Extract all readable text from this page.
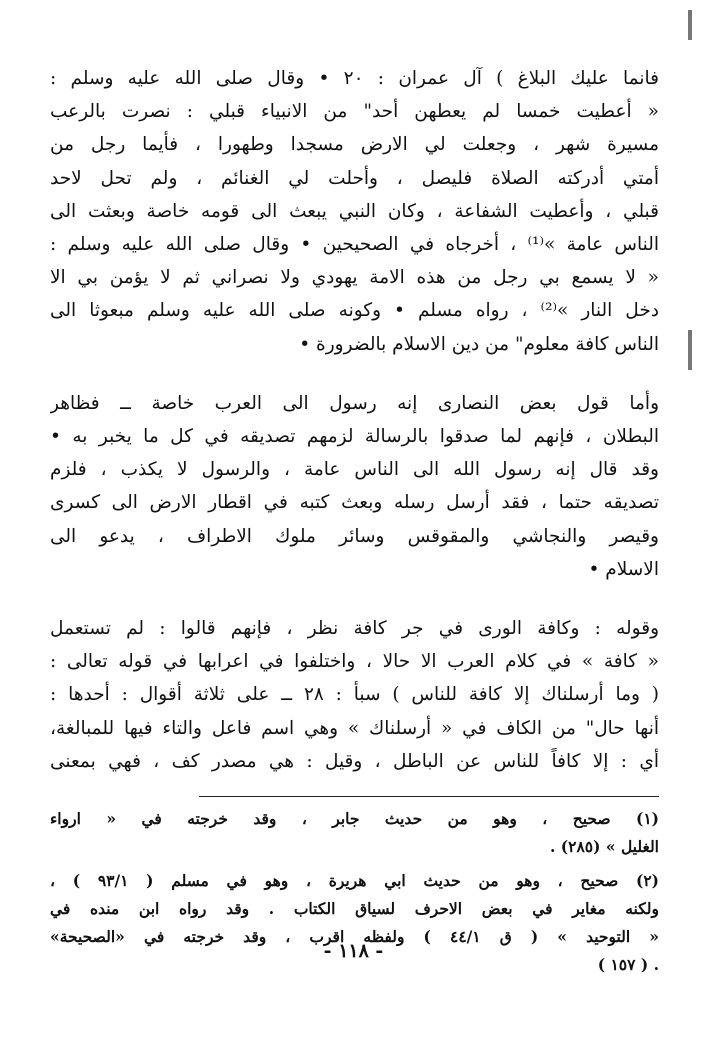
فانما عليك البلاغ ) آل عمران : ٢٠ • وقال صلى الله عليه وسلم :
« أعطيت خمسا لم يعطهن أحد" من الانبياء قبلي : نصرت بالرعب
مسيرة شهر ، وجعلت لي الارض مسجدا وطهورا ، فأيما رجل من
أمتي أدركته الصلاة فليصل ، وأحلت لي الغنائم ، ولم تحل لاحد
قبلي ، وأعطيت الشفاعة ، وكان النبي يبعث الى قومه خاصة وبعثت الى
الناس عامة »⁽¹⁾ ، أخرجاه في الصحيحين • وقال صلى الله عليه وسلم :
« لا يسمع بي رجل من هذه الامة يهودي ولا نصراني ثم لا يؤمن بي الا
دخل النار »⁽²⁾ ، رواه مسلم • وكونه صلى الله عليه وسلم مبعوثا الى
الناس كافة معلوم" من دين الاسلام بالضرورة •
وأما قول بعض النصارى إنه رسول الى العرب خاصة ــ فظاهر
البطلان ، فإنهم لما صدقوا بالرسالة لزمهم تصديقه في كل ما يخبر به •
وقد قال إنه رسول الله الى الناس عامة ، والرسول لا يكذب ، فلزم
تصديقه حتما ، فقد أرسل رسله وبعث كتبه في اقطار الارض الى كسرى
وقيصر والنجاشي والمقوقس وسائر ملوك الاطراف ، يدعو الى
الاسلام •
وقوله : وكافة الورى في جر كافة نظر ، فإنهم قالوا : لم تستعمل
« كافة » في كلام العرب الا حالا ، واختلفوا في اعرابها في قوله تعالى :
( وما أرسلناك إلا كافة للناس ) سبأ : ٢٨ ــ على ثلاثة أقوال : أحدها :
أنها حال" من الكاف في « أرسلناك » وهي اسم فاعل والتاء فيها للمبالغة،
أي : إلا كافاً للناس عن الباطل ، وقيل : هي مصدر كف ، فهي بمعنى
(١) صحيح ، وهو من حديث جابر ، وقد خرجته في « ارواء
الغليل » (٢٨٥) .
(٢) صحيح ، وهو من حديث ابي هريرة ، وهو في مسلم ( ٩٣/١ ) ،
ولكنه مغاير في بعض الاحرف لسياق الكتاب . وقد رواه ابن منده في
« التوحيد » ( ق ٤٤/١ ) ولفظه اقرب ، وقد خرجته في «الصحيحة»
. ( ١٥٧ )
- ١١٨ -
